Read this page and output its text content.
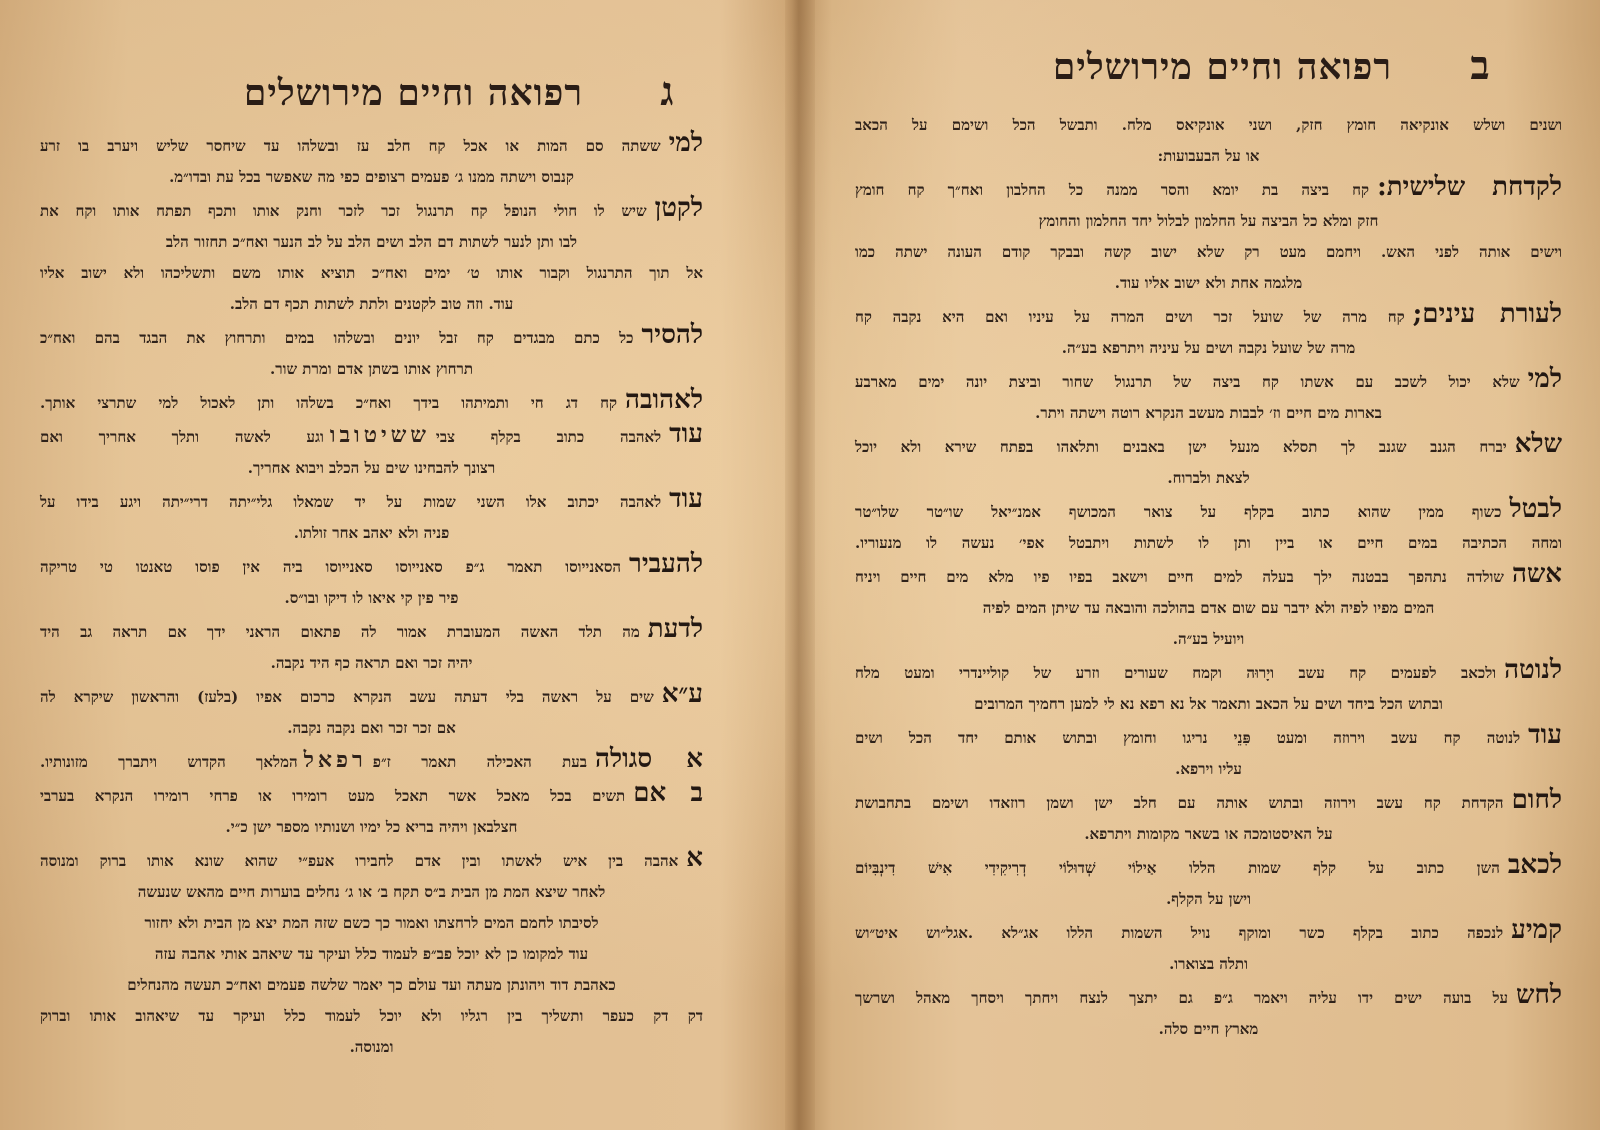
ג
רפואה וחיים מירושלים
למיששתה סם המות או אכל קח חלב עז ובשלהו עד שיחסר שליש ויערב בו זרע
קנבוס וישתה ממנו ג׳ פעמים רצופים כפי מה שאפשר בכל עת ובדו״מ.
לקטןשיש לו חולי הנופל קח תרנגול זכר לזכר וחנק אותו ותכף תפתח אותו וקח את
לבו ותן לנער לשתות דם הלב ושים הלב על לב הנער ואח״כ תחזור הלב
אל תוך התרנגול וקבור אותו ט׳ ימים ואח״כ תוציא אותו משם ותשליכהו ולא ישוב אליו
עוד. וזה טוב לקטנים ולתת לשתות תכף דם הלב.
להסירכל כתם מבגדים קח זבל יונים ובשלהו במים ותרחוץ את הבגד בהם ואח״כ
תרחוץ אותו בשתן אדם ומרת שור.
לאהובהקח דג חי ותמיתהו בידך ואח״כ בשלהו ותן לאכול למי שתרצי אותך.
עודלאהבה כתוב בקלף צביששיטובווגע לאשה ותלך אחריך ואם
רצונך להבחינו שים על הכלב ויבוא אחריך.
עודלאהבה יכתוב אלו השני שמות על יד שמאלו גלי״יתה דרי״יתה ויגע בידו על
פניה ולא יאהב אחר זולתו.
להעבירהסאנייוסו תאמר ג״פ סאנייוסו סאנייוסו ביה אין פוסו טאנטו טי טריקה
פיר פין קי איאו לו דיקו ובו״ס.
לדעתמה תלד האשה המעוברת אמור לה פתאום הראני ידך אם תראה גב היד
יהיה זכר ואם תראה כף היד נקבה.
ע״אשים על ראשה בלי דעתה עשב הנקרא כרכום אפיו (בלעז) והראשון שיקרא לה
אם זכר זכר ואם נקבה נקבה.
א סגולהבעת האכילה תאמר ז״פרפאלהמלאך הקדוש ויתברך מזונותיו.
ב אםתשים בכל מאכל אשר תאכל מעט רומירו או פרחי רומירו הנקרא בערבי
חצלבאן ויהיה בריא כל ימיו ושנותיו מספר ישן כ״י.
אאהבה בין איש לאשתו ובין אדם לחבירו אעפ״י שהוא שונא אותו ברוק ומנוסה
לאחר שיצא המת מן הבית ב״ס תקח ב׳ או ג׳ נחלים בוערות חיים מהאש שנעשה
לסיבתו לחמם המים לרחצתו ואמור כך כשם שזה המת יצא מן הבית ולא יחזור
עוד למקומו כן לא יוכל פב״פ לעמוד כלל ועיקר עד שיאהב אותי אהבה עזה
כאהבת דוד ויהונתן מעתה ועד עולם כך יאמר שלשה פעמים ואח״כ תעשה מהנחלים
דק דק כעפר ותשליך בין רגליו ולא יוכל לעמוד כלל ועיקר עד שיאהוב אותו וברוק
ומנוסה.
ב
רפואה וחיים מירושלים
ושנים ושלש אונקיאה חומץ חזק, ושני אונקיאס מלח. ותבשל הכל ושימם על הכאב
או על הבעבועות:
לקדחת שלישית:קח ביצה בת יומא והסר ממנה כל החלבון ואח״ך קח חומץ
חזק ומלא כל הביצה על החלמון לבלול יחד החלמון והחומץ
וישים אותה לפני האש. ויחמם מעט רק שלא ישוב קשה ובבקר קודם העונה ישתה כמו
מלגמה אחת ולא ישוב אליו עוד.
לעורת עינים;קח מרה של שועל זכר ושים המרה על עיניו ואם היא נקבה קח
מרה של שועל נקבה ושים על עיניה ויתרפא בע״ה.
למישלא יכול לשכב עם אשתו קח ביצה של תרנגול שחור וביצת יונה ימים מארבע
בארות מים חיים וז׳ לבבות מעשב הנקרא רוטה וישתה ויתר.
שלאיברח הגנב שגנב לך תסלא מנעל ישן באבנים ותלאהו בפתח שירא ולא יוכל
לצאת ולברוח.
לבטלכשוף ממין שהוא כתוב בקלף על צואר המכושף אמנ״יאל שו״טר שלו״טר
ומחה הכתיבה במים חיים או ביין ותן לו לשתות ויתבטל אפי׳ נעשה לו מנעוריו.
אשהשולדה נתהפך בבטנה ילך בעלה למים חיים וישאב בפיו פיו מלא מים חיים ויניח
המים מפיו לפיה ולא ידבר עם שום אדם בהולכה והובאה עד שיתן המים לפיה
ויועיל בע״ה.
לנוטהולכאב לפעמים קח עשב ויָרוּה וקמח שעורים וזרע של קוליינדרי ומעט מלח
ובתוש הכל ביחד ושים על הכאב ותאמר אל נא רפא נא לי למען רחמיך המרובים
עודלנוטה קח עשב וירוזה ומעט פִּנֵי נריגו וחומץ ובתוש אותם יחד הכל ושים
עליו וירפא.
לחוםהקדחת קח עשב וירוזה ובתוש אותה עם חלב ישן ושמן רוזאדו ושימם בתחבושת
על האיסטומכה או בשאר מקומות ויתרפא.
לכאבהשן כתוב על קלף שמות הללו אַילוֹי שְׁדוּלוֹי דְרִיקִידִי אִישׁ דִינְבִּיוֹם
וישן על הקלף.
קמיעלנכפה כתוב בקלף כשר ומוקף נויל השמות הללו אג״לא .אגל״וש איט״וש
ותלה בצוארו.
לחשעל בועה ישים ידו עליה ויאמר ג״פ גם יתצך לנצח ויחתך ויסחך מאהל ושרשך
מארץ חיים סלה.
